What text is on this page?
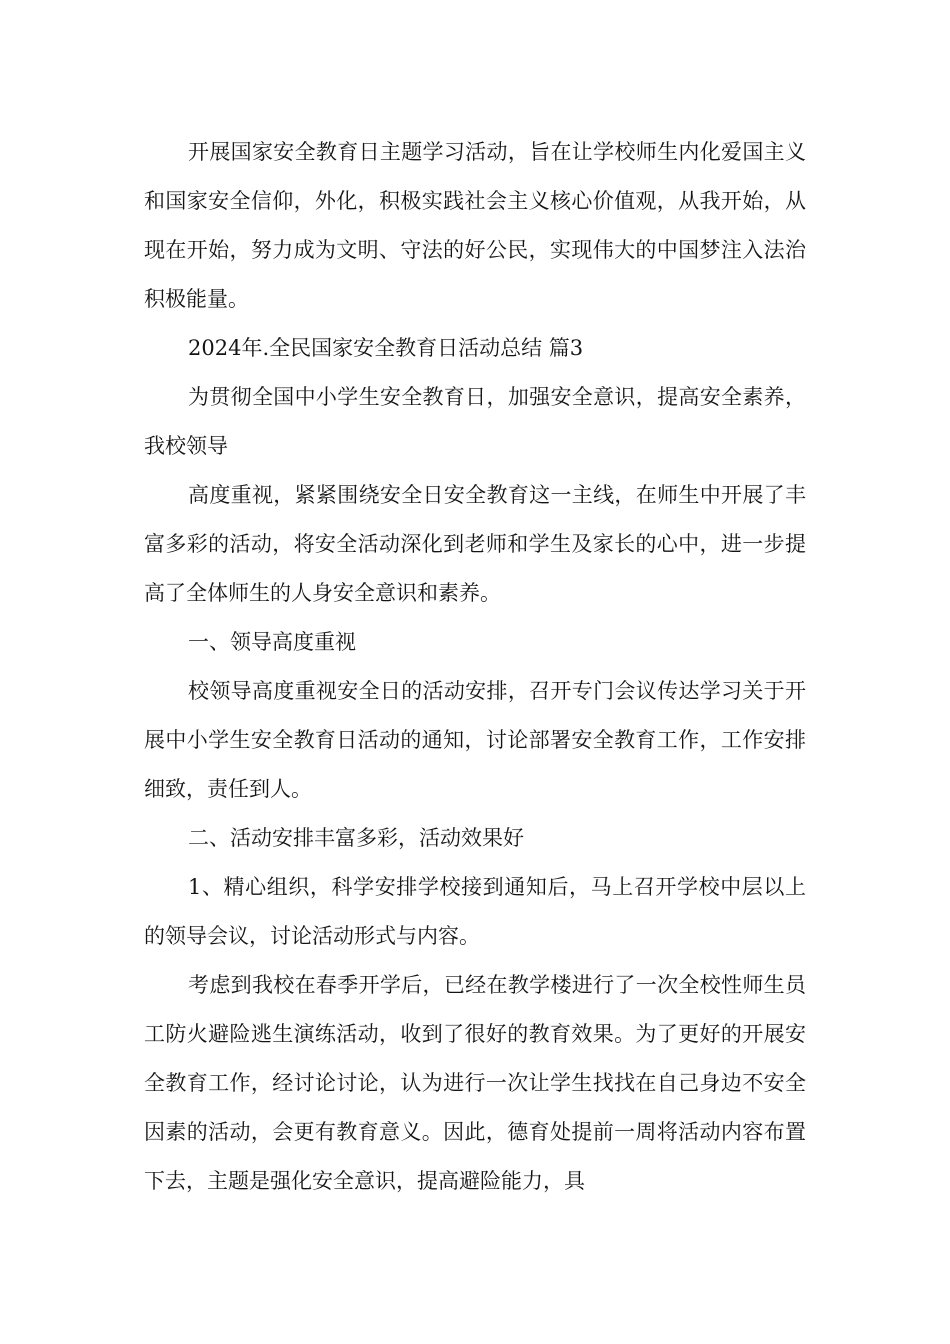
开展国家安全教育日主题学习活动，旨在让学校师生内化爱国主义和国家安全信仰，外化，积极实践社会主义核心价值观，从我开始，从现在开始，努力成为文明、守法的好公民，实现伟大的中国梦注入法治积极能量。

2024年.全民国家安全教育日活动总结 篇3

为贯彻全国中小学生安全教育日，加强安全意识，提高安全素养，我校领导

高度重视，紧紧围绕安全日安全教育这一主线，在师生中开展了丰富多彩的活动，将安全活动深化到老师和学生及家长的心中，进一步提高了全体师生的人身安全意识和素养。

一、领导高度重视

校领导高度重视安全日的活动安排，召开专门会议传达学习关于开展中小学生安全教育日活动的通知，讨论部署安全教育工作，工作安排细致，责任到人。

二、活动安排丰富多彩，活动效果好

1、精心组织，科学安排学校接到通知后，马上召开学校中层以上的领导会议，讨论活动形式与内容。

考虑到我校在春季开学后，已经在教学楼进行了一次全校性师生员工防火避险逃生演练活动，收到了很好的教育效果。为了更好的开展安全教育工作，经讨论讨论，认为进行一次让学生找找在自己身边不安全因素的活动，会更有教育意义。因此，德育处提前一周将活动内容布置下去，主题是强化安全意识，提高避险能力，具
